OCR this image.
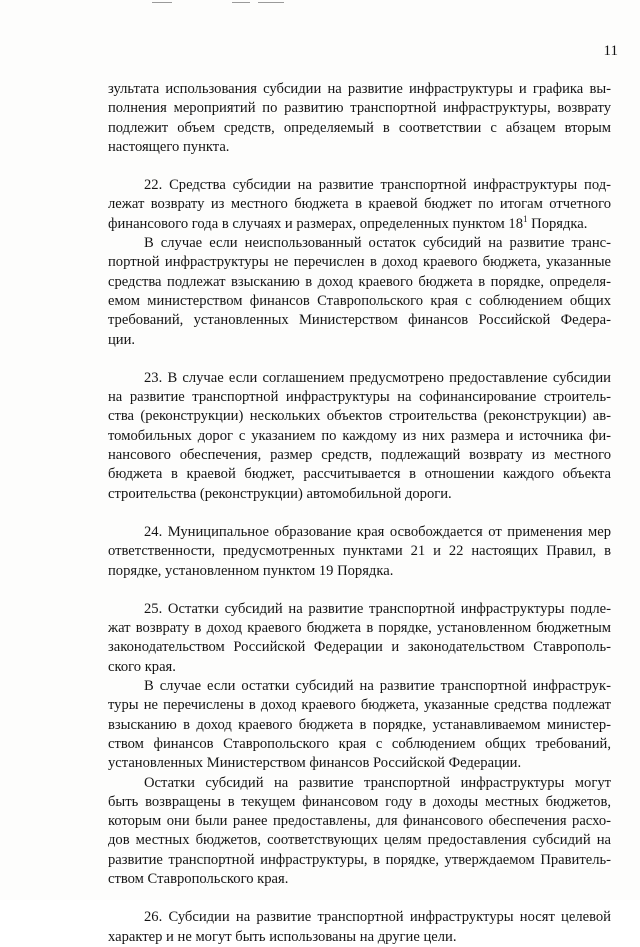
11
зультата использования субсидии на развитие инфраструктуры и графика вы-
полнения мероприятий по развитию транспортной инфраструктуры, возврату
подлежит объем средств, определяемый в соответствии с абзацем вторым
настоящего пункта.
22. Средства субсидии на развитие транспортной инфраструктуры под-
лежат возврату из местного бюджета в краевой бюджет по итогам отчетного
финансового года в случаях и размерах, определенных пунктом $18^1$ Порядка.
В случае если неиспользованный остаток субсидий на развитие транс-
портной инфраструктуры не перечислен в доход краевого бюджета, указанные
средства подлежат взысканию в доход краевого бюджета в порядке, определя-
емом министерством финансов Ставропольского края с соблюдением общих
требований, установленных Министерством финансов Российской Федера-
ции.
23. В случае если соглашением предусмотрено предоставление субсидии
на развитие транспортной инфраструктуры на софинансирование строитель-
ства (реконструкции) нескольких объектов строительства (реконструкции) ав-
томобильных дорог с указанием по каждому из них размера и источника фи-
нансового обеспечения, размер средств, подлежащий возврату из местного
бюджета в краевой бюджет, рассчитывается в отношении каждого объекта
строительства (реконструкции) автомобильной дороги.
24. Муниципальное образование края освобождается от применения мер
ответственности, предусмотренных пунктами 21 и 22 настоящих Правил, в
порядке, установленном пунктом 19 Порядка.
25. Остатки субсидий на развитие транспортной инфраструктуры подле-
жат возврату в доход краевого бюджета в порядке, установленном бюджетным
законодательством Российской Федерации и законодательством Ставрополь-
ского края.
В случае если остатки субсидий на развитие транспортной инфраструк-
туры не перечислены в доход краевого бюджета, указанные средства подлежат
взысканию в доход краевого бюджета в порядке, устанавливаемом министер-
ством финансов Ставропольского края с соблюдением общих требований,
установленных Министерством финансов Российской Федерации.
Остатки субсидий на развитие транспортной инфраструктуры могут
быть возвращены в текущем финансовом году в доходы местных бюджетов,
которым они были ранее предоставлены, для финансового обеспечения расхо-
дов местных бюджетов, соответствующих целям предоставления субсидий на
развитие транспортной инфраструктуры, в порядке, утверждаемом Правитель-
ством Ставропольского края.
26. Субсидии на развитие транспортной инфраструктуры носят целевой
характер и не могут быть использованы на другие цели.
